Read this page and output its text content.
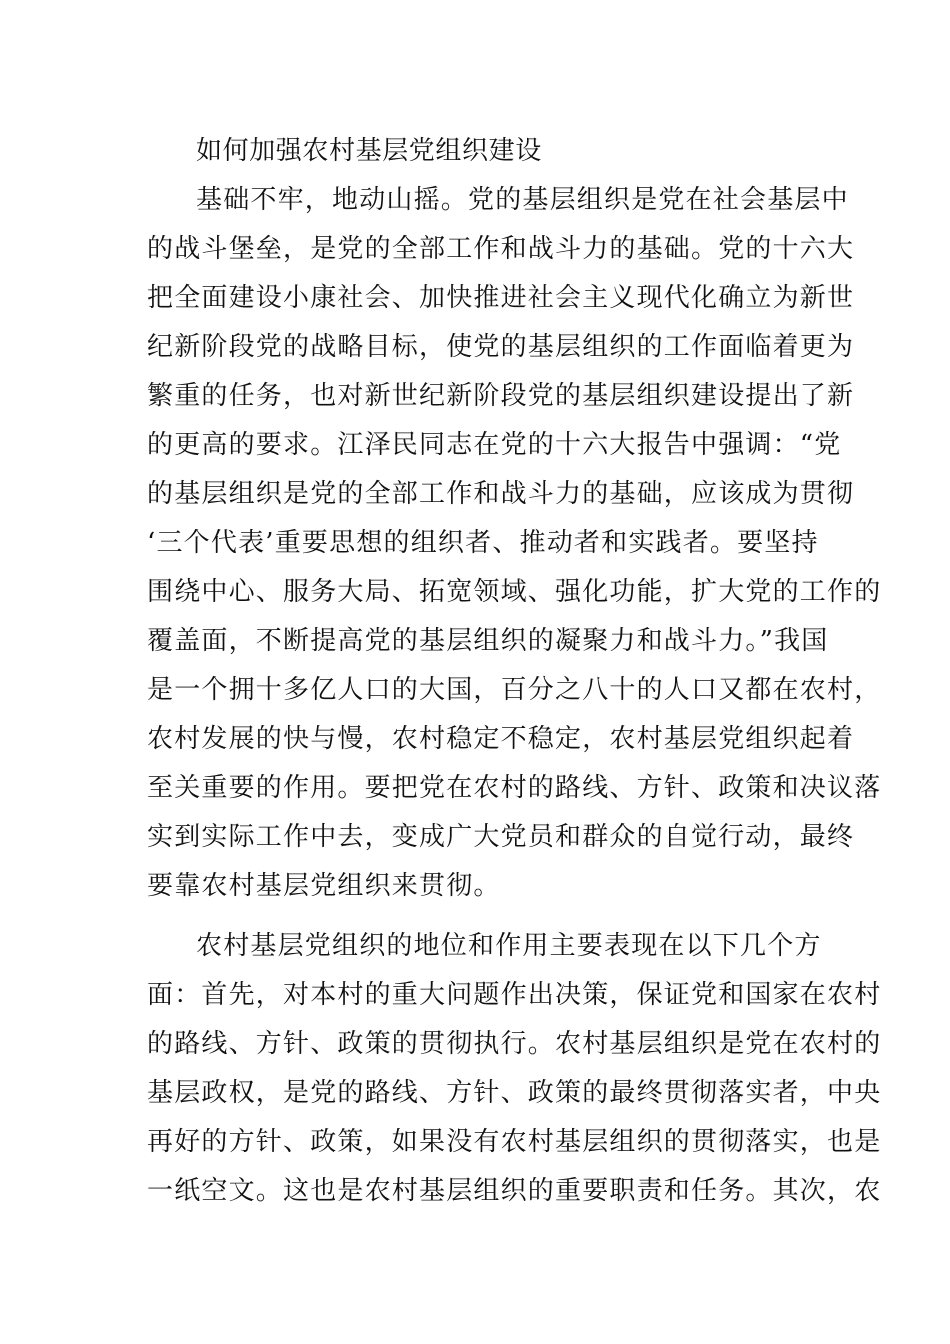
如何加强农村基层党组织建设
基础不牢，地动山摇。党的基层组织是党在社会基层中
的战斗堡垒，是党的全部工作和战斗力的基础。党的十六大
把全面建设小康社会、加快推进社会主义现代化确立为新世
纪新阶段党的战略目标，使党的基层组织的工作面临着更为
繁重的任务，也对新世纪新阶段党的基层组织建设提出了新
的更高的要求。江泽民同志在党的十六大报告中强调：“党
的基层组织是党的全部工作和战斗力的基础，应该成为贯彻
‘三个代表’重要思想的组织者、推动者和实践者。要坚持
围绕中心、服务大局、拓宽领域、强化功能，扩大党的工作的
覆盖面，不断提高党的基层组织的凝聚力和战斗力。”我国
是一个拥十多亿人口的大国，百分之八十的人口又都在农村，
农村发展的快与慢，农村稳定不稳定，农村基层党组织起着
至关重要的作用。要把党在农村的路线、方针、政策和决议落
实到实际工作中去，变成广大党员和群众的自觉行动，最终
要靠农村基层党组织来贯彻。
农村基层党组织的地位和作用主要表现在以下几个方
面：首先，对本村的重大问题作出决策，保证党和国家在农村
的路线、方针、政策的贯彻执行。农村基层组织是党在农村的
基层政权，是党的路线、方针、政策的最终贯彻落实者，中央
再好的方针、政策，如果没有农村基层组织的贯彻落实，也是
一纸空文。这也是农村基层组织的重要职责和任务。其次，农
